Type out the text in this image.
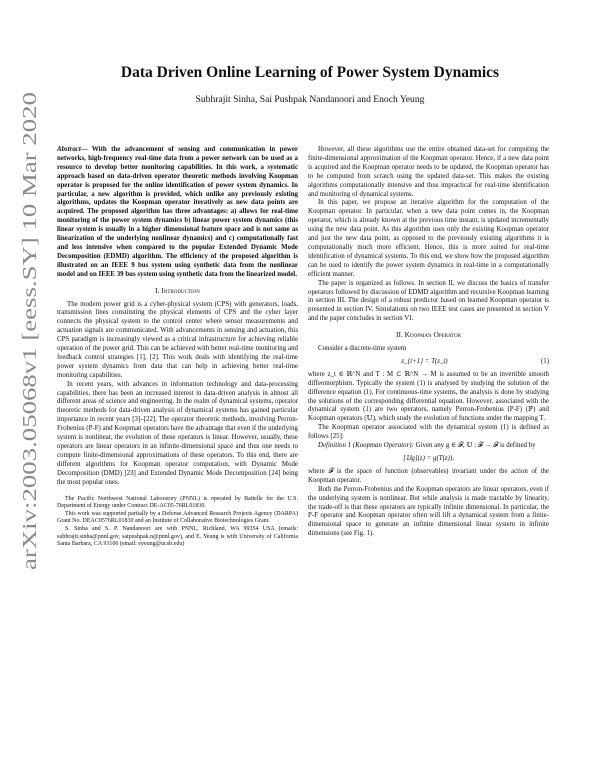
arXiv:2003.05068v1 [eess.SY] 10 Mar 2020
Data Driven Online Learning of Power System Dynamics
Subhrajit Sinha, Sai Pushpak Nandanoori and Enoch Yeung
Abstract— With the advancement of sensing and communication in power networks, high-frequency real-time data from a power network can be used as a resource to develop better monitoring capabilities. In this work, a systematic approach based on data-driven operator theoretic methods involving Koopman operator is proposed for the online identification of power system dynamics. In particular, a new algorithm is provided, which unlike any previously existing algorithms, updates the Koopman operator iteratively as new data points are acquired. The proposed algorithm has three advantages: a) allows for real-time monitoring of the power system dynamics b) linear power system dynamics (this linear system is usually in a higher dimensional feature space and is not same as linearization of the underlying nonlinear dynamics) and c) computationally fast and less intensive when compared to the popular Extended Dynamic Mode Decomposition (EDMD) algorithm. The efficiency of the proposed algorithm is illustrated on an IEEE 9 bus system using synthetic data from the nonlinear model and on IEEE 39 bus system using synthetic data from the linearized model.
I. Introduction

The modern power grid is a cyber-physical system (CPS) with generators, loads, transmission lines constituting the physical elements of CPS and the cyber layer connects the physical system to the control center where sensor measurements and actuation signals are communicated. With advancements in sensing and actuation, this CPS paradigm is increasingly viewed as a critical infrastructure for achieving reliable operation of the power grid. This can be achieved with better real-time monitoring and feedback control strategies [1], [2]. This work deals with identifying the real-time power system dynamics from data that can help in achieving better real-time monitoring capabilities.

In recent years, with advances in information technology and data-processing capabilities, there has been an increased interest in data-driven analysis in almost all different areas of science and engineering. In the realm of dynamical systems, operator theoretic methods for data-driven analysis of dynamical systems has gained particular importance in recent years [3]–[22]. The operator theoretic methods, involving Perron-Frobenius (P-F) and Koopman operators have the advantage that even if the underlying system is nonlinear, the evolution of these operators is linear. However, usually, these operators are linear operators in an infinite-dimensional space and thus one needs to compute finite-dimensional approximations of these operators. To this end, there are different algorithms for Koopman operator computation, with Dynamic Mode Decomposition (DMD) [23] and Extended Dynamic Mode Decomposition [24] being the most popular ones.

The Pacific Northwest National Laboratory (PNNL) is operated by Battelle for the U.S. Department of Energy under Contract DE-AC05-76RL01830.

This work was supported partially by a Defense Advanced Research Projects Agency (DARPA) Grant No. DEAC0576RL01830 and an Institute of Collaborative Biotechnologies Grant.

S. Sinha and S. P. Nandanoori are with PNNL, Richland, WA 99354 USA (emails: subhrajit.sinha@pnnl.gov, saipushpak.n@pnnl.gov), and E. Yeung is with University of California Santa Barbara, CA 93106 (email: eyeung@ucsb.edu)

However, all these algorithms use the entire obtained data-set for computing the finite-dimensional approximation of the Koopman operator. Hence, if a new data point is acquired and the Koopman operator needs to be updated, the Koopman operator has to be computed from scratch using the updated data-set. This makes the existing algorithms computationally intensive and thus impractical for real-time identification and monitoring of dynamical systems.

In this paper, we propose an iterative algorithm for the computation of the Koopman operator. In particular, when a new data point comes in, the Koopman operator, which is already known at the previous time instant, is updated incrementally using the new data point. As this algorithm uses only the existing Koopman operator and just the new data point, as opposed to the previously existing algorithms it is computationally much more efficient. Hence, this is more suited for real-time identification of dynamical systems. To this end, we show how the proposed algorithm can be used to identify the power system dynamics in real-time in a computationally efficient manner.

The paper is organized as follows. In section II, we discuss the basics of transfer operators followed by discussion of EDMD algorithm and recursive Koopman learning in section III. The design of a robust predictor based on learned Koopman operator is presented in section IV. Simulations on two IEEE test cases are presented in section V and the paper concludes in section VI.

II. Koopman Operator

Consider a discrete-time system

z_{t+1} = T(z_t)	(1)

where z_t ∈ ℝ^N and T : M ⊂ ℝ^N → M is assumed to be an invertible smooth diffeomorphism. Typically the system (1) is analysed by studying the solution of the difference equation (1). For continuous-time systems, the analysis is done by studying the solutions of the corresponding differential equation. However, associated with the dynamical system (1) are two operators, namely Perron-Frobenius (P-F) (ℙ) and Koopman operators (𝕌), which study the evolution of functions under the mapping T.

The Koopman operator associated with the dynamical system (1) is defined as follows [25]:

Definition 1 (Koopman Operator): Given any g ∈ 𝓕, 𝕌 : 𝓕 → 𝓕 is defined by

[𝕌g](z) = g(T(z)),

where 𝓕 is the space of function (observables) invariant under the action of the Koopman operator.

Both the Perron-Frobenius and the Koopman operators are linear operators, even if the underlying system is nonlinear. But while analysis is made tractable by linearity, the trade-off is that these operators are typically infinite dimensional. In particular, the P-F operator and Koopman operator often will lift a dynamical system from a finite-dimensional space to generate an infinite dimensional linear system in infinite dimensions (see Fig. 1).
